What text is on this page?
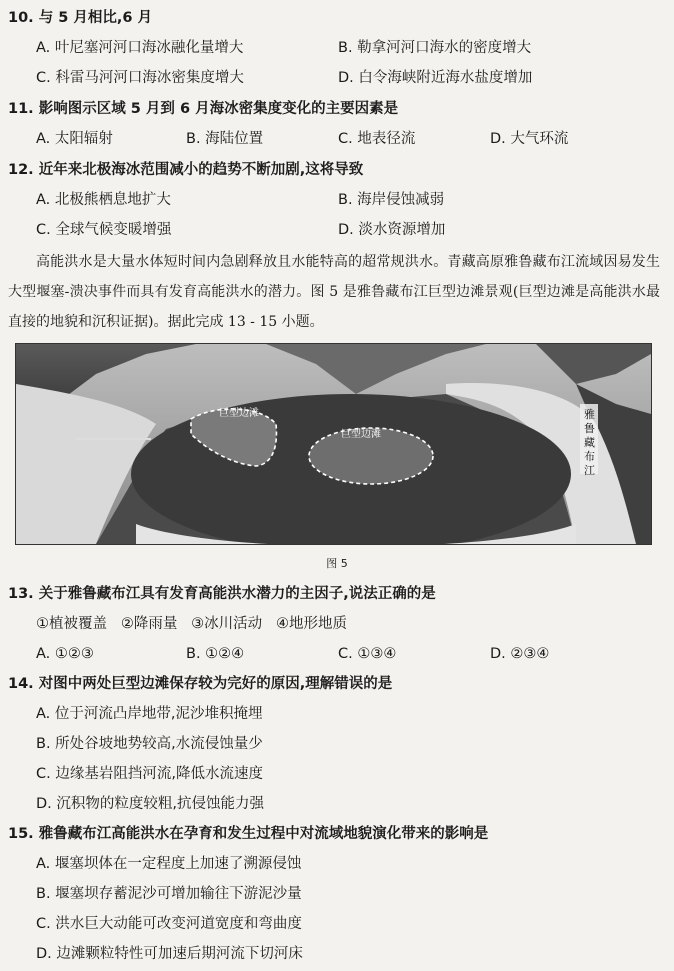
10. 与 5 月相比,6 月
A. 叶尼塞河河口海冰融化量增大	B. 勒拿河河口海水的密度增大
C. 科雷马河河口海冰密集度增大	D. 白令海峡附近海水盐度增加
11. 影响图示区域 5 月到 6 月海冰密集度变化的主要因素是
A. 太阳辐射	B. 海陆位置	C. 地表径流	D. 大气环流
12. 近年来北极海冰范围减小的趋势不断加剧,这将导致
A. 北极熊栖息地扩大	B. 海岸侵蚀减弱
C. 全球气候变暖增强	D. 淡水资源增加
高能洪水是大量水体短时间内急剧释放且水能特高的超常规洪水。青藏高原雅鲁藏布江流域因易发生大型堰塞-溃决事件而具有发育高能洪水的潜力。图 5 是雅鲁藏布江巨型边滩景观(巨型边滩是高能洪水最直接的地貌和沉积证据)。据此完成 13 - 15 小题。
巨型边滩
巨型边滩
雅
鲁
藏
布
江
图 5
13. 关于雅鲁藏布江具有发育高能洪水潜力的主因子,说法正确的是
①植被覆盖   ②降雨量   ③冰川活动   ④地形地质
A. ①②③	B. ①②④	C. ①③④	D. ②③④
14. 对图中两处巨型边滩保存较为完好的原因,理解错误的是
A. 位于河流凸岸地带,泥沙堆积掩埋
B. 所处谷坡地势较高,水流侵蚀量少
C. 边缘基岩阻挡河流,降低水流速度
D. 沉积物的粒度较粗,抗侵蚀能力强
15. 雅鲁藏布江高能洪水在孕育和发生过程中对流域地貌演化带来的影响是
A. 堰塞坝体在一定程度上加速了溯源侵蚀
B. 堰塞坝存蓄泥沙可增加输往下游泥沙量
C. 洪水巨大动能可改变河道宽度和弯曲度
D. 边滩颗粒特性可加速后期河流下切河床
